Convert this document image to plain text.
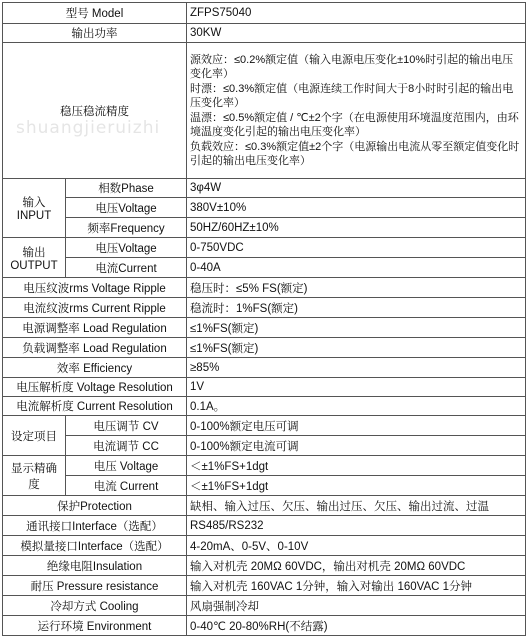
shuangjieruizhi
型号 Model		ZFPS75040
输出功率		30KW
稳压稳流精度		源效应：≤0.2%额定值（输入电源电压变化±10%时引起的输出电压变化率）
时漂：≤0.3%额定值（电源连续工作时间大于8小时时引起的输出电压变化率）
温漂：≤0.5%额定值 / ℃±2个字（在电源使用环境温度范围内，由环境温度变化引起的输出电压变化率）
负载效应：≤0.3%额定值±2个字（电源输出电流从零至额定值变化时引起的输出电压变化率）

输入INPUT	相数Phase	3φ4W
	电压Voltage	380V±10%
	频率Frequency	50HZ/60HZ±10%
输出 OUTPUT	电压Voltage	0-750VDC
	电流Current	0-40A
电压纹波rms Voltage Ripple		稳压时：≤5% FS(额定)
电流纹波rms Current Ripple		稳流时：1%FS(额定)
电源调整率 Load Regulation		≤1%FS(额定)
负载调整率 Load Regulation		≤1%FS(额定)
效率 Efficiency		≥85%
电压解析度 Voltage Resolution		1V
电流解析度 Current Resolution		0.1A。
设定项目	电压调节 CV	0-100%额定电压可调
	电流调节 CC	0-100%额定电流可调
显示精确度	电压 Voltage	＜±1%FS+1dgt
	电流 Current	＜±1%FS+1dgt
保护Protection		缺相、输入过压、欠压、输出过压、欠压、输出过流、过温
通讯接口Interface（选配）		RS485/RS232
模拟量接口Interface（选配）		4-20mA、0-5V、0-10V
绝缘电阻Insulation		输入对机壳 20MΩ 60VDC，输出对机壳 20MΩ 60VDC
耐压 Pressure resistance		输入对机壳 160VAC 1分钟，输入对输出 160VAC 1分钟
冷却方式 Cooling		风扇强制冷却
运行环境 Environment		0-40℃ 20-80%RH(不结露)
